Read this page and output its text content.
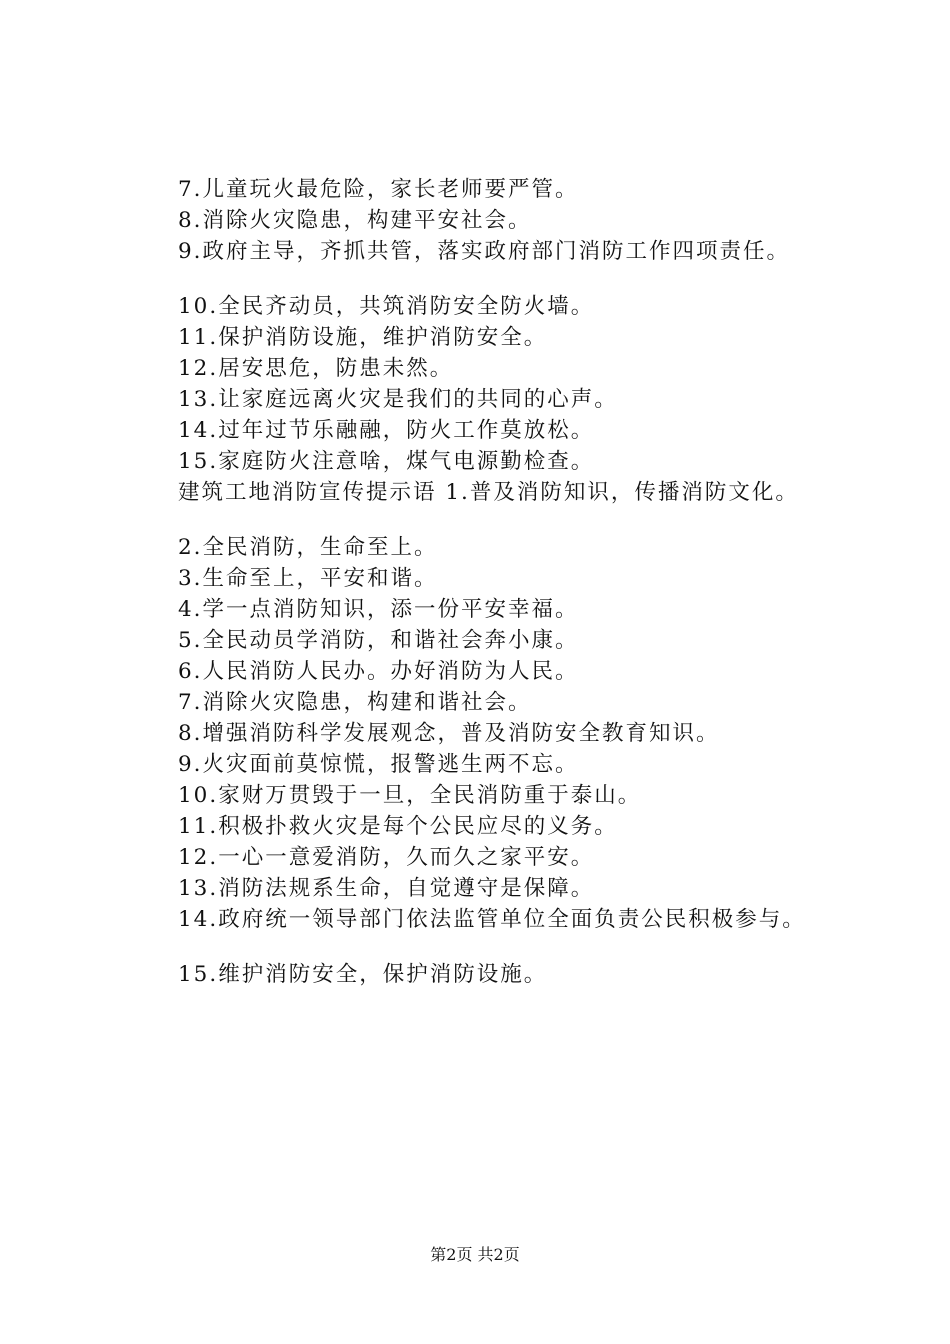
7.儿童玩火最危险，家长老师要严管。
8.消除火灾隐患，构建平安社会。
9.政府主导，齐抓共管，落实政府部门消防工作四项责任。
10.全民齐动员，共筑消防安全防火墙。
11.保护消防设施，维护消防安全。
12.居安思危，防患未然。
13.让家庭远离火灾是我们的共同的心声。
14.过年过节乐融融，防火工作莫放松。
15.家庭防火注意啥，煤气电源勤检查。
建筑工地消防宣传提示语 1.普及消防知识，传播消防文化。
2.全民消防，生命至上。
3.生命至上，平安和谐。
4.学一点消防知识，添一份平安幸福。
5.全民动员学消防，和谐社会奔小康。
6.人民消防人民办。办好消防为人民。
7.消除火灾隐患，构建和谐社会。
8.增强消防科学发展观念，普及消防安全教育知识。
9.火灾面前莫惊慌，报警逃生两不忘。
10.家财万贯毁于一旦，全民消防重于泰山。
11.积极扑救火灾是每个公民应尽的义务。
12.一心一意爱消防，久而久之家平安。
13.消防法规系生命，自觉遵守是保障。
14.政府统一领导部门依法监管单位全面负责公民积极参与。
15.维护消防安全，保护消防设施。
第2页 共2页
